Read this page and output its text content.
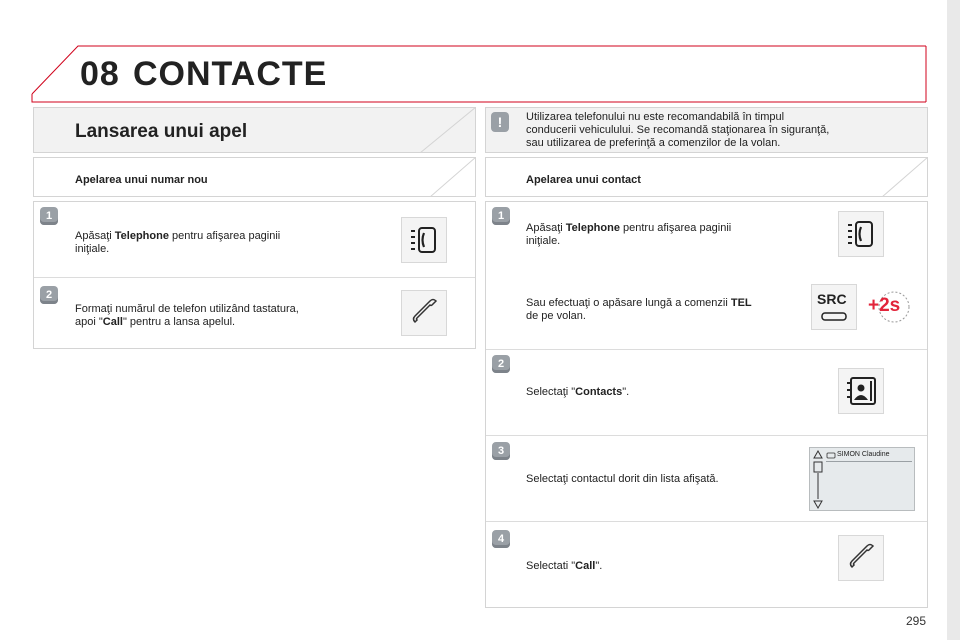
08 CONTACTE
Lansarea unui apel
Apelarea unui numar nou
1
Apăsaţi Telephone pentru afişarea paginii
iniţiale.
2
Formaţi numărul de telefon utilizând tastatura,
apoi "Call" pentru a lansa apelul.
!	Utilizarea telefonului nu este recomandabilă în timpul
conducerii vehiculului. Se recomandă staţionarea în siguranţă,
sau utilizarea de preferinţă a comenzilor de la volan.
Apelarea unui contact
1
Apăsaţi Telephone pentru afişarea paginii
iniţiale.
Sau efectuaţi o apăsare lungă a comenzii TEL
de pe volan.
SRC +2s
2
Selectaţi "Contacts".
3
Selectaţi contactul dorit din lista afişată.
SIMON Claudine
4
Selectati "Call".
295
